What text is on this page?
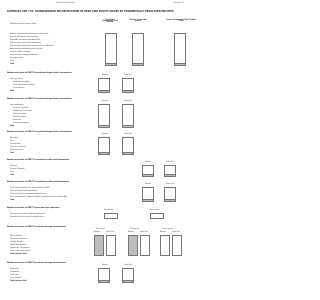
Prudential Staff Schedule	Schedule 1.4
SCHEDULE ARF 731: STANDARDISED SECURITISATION OF DEBT AND EQUITY ISSUES BY PRUDENTIALLY REGULATED ENTITIES
Securities Outstanding (End period)
Volume Issued this period
Issues Outstanding Past Periods (end)
Debt/total securities issued...(Sum)
Debt/the Long-term and short-term securities total
Financial instruments with amortising
Negotiable instruments and debentures
Debt securities issued with subordinated
Debt issued by prudentially regulated entities in Australia
Asset backing (excluding securities by the)
Securities held as collateral
Loans and other funding instruments
Intra group loans
Other
Total
Number and value of ARF731 securitised deposit-taker transactions
Number	Value ($m)
Loan type (total)
Residential mortgages
Other (commercial, personal)
Other agencies
Total
Number and value of ARF731 securitised deposit-taker transactions
Number	Value ($m)
Loan combination
Fixed rate (secured)
Variable rate home loans
Other securitised
Investment loans
Short term
Commercial property
Total
Number and value of ARF731 securitised deposit-taker transactions
Number	Value ($m)
Warehouse
Term
Covered bond
Other securitisations
Self-securitisation
Total
Number and value of ARF731 securitised credit card transactions
Number	Value ($m)
Standard
Premium / Rewards
Other
Total
Number and value of ARF731 securitised credit card transactions
Number	Value ($m)
Credit card receivables (non- and securitised to ADI)
Other securitised credit and finance
Other securities for securitised credit and finance
Other consideration of (balance loaded) to and offset and securities for ADI
Total
Number and value of ARF731 proceeds from exposures
Prior period	Total period
Proceeds from securities ordered transferred to
Proceeds from other securities transferred to
Number and value of ARF731 positions through securitisation
First period	Prior period	Current period
Number	Value ($m)	Number	Value ($m)	Number	Value ($m)
ADIs in positions
Clearly listed positions
Liquidity facilities
Capital arrangements
Interest rate risk positions
Other credit enhancements
Total positions held
Number and value of ARF731 positions through securitisation
Number	Value ($m)
Residential
Commercial
Credit card
Other positions
Total positions held
